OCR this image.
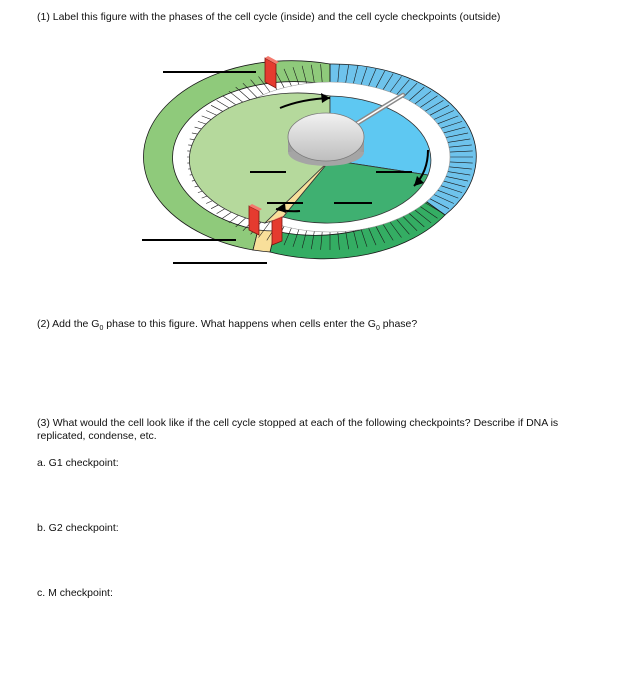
(1) Label this figure with the phases of the cell cycle (inside) and the cell cycle checkpoints (outside)
(2) Add the $G_0$ phase to this figure. What happens when cells enter the $G_0$ phase?
(3) What would the cell look like if the cell cycle stopped at each of the following checkpoints? Describe if DNA is replicated, condense, etc.
a. G1 checkpoint:
b. G2 checkpoint:
c. M checkpoint:
